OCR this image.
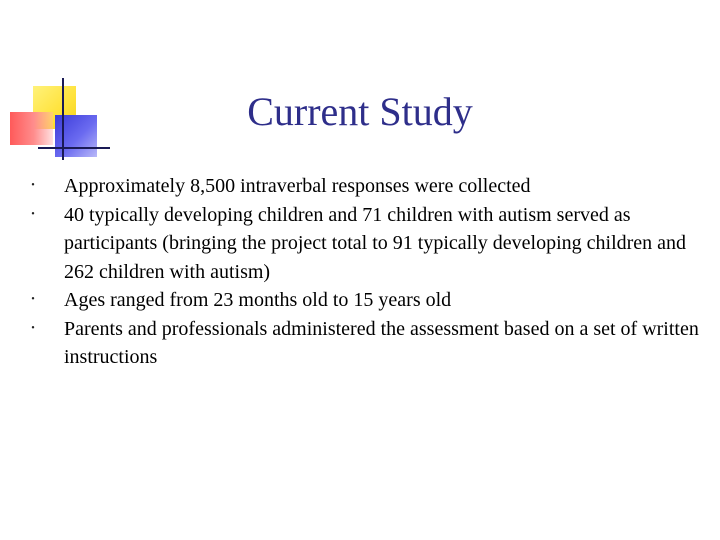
Current Study
• Approximately 8,500 intraverbal responses were collected
• 40 typically developing children and 71 children with autism served as participants (bringing the project total to 91 typically developing children and 262 children with autism)
• Ages ranged from 23 months old to 15 years old
• Parents and professionals administered the assessment based on a set of written instructions
